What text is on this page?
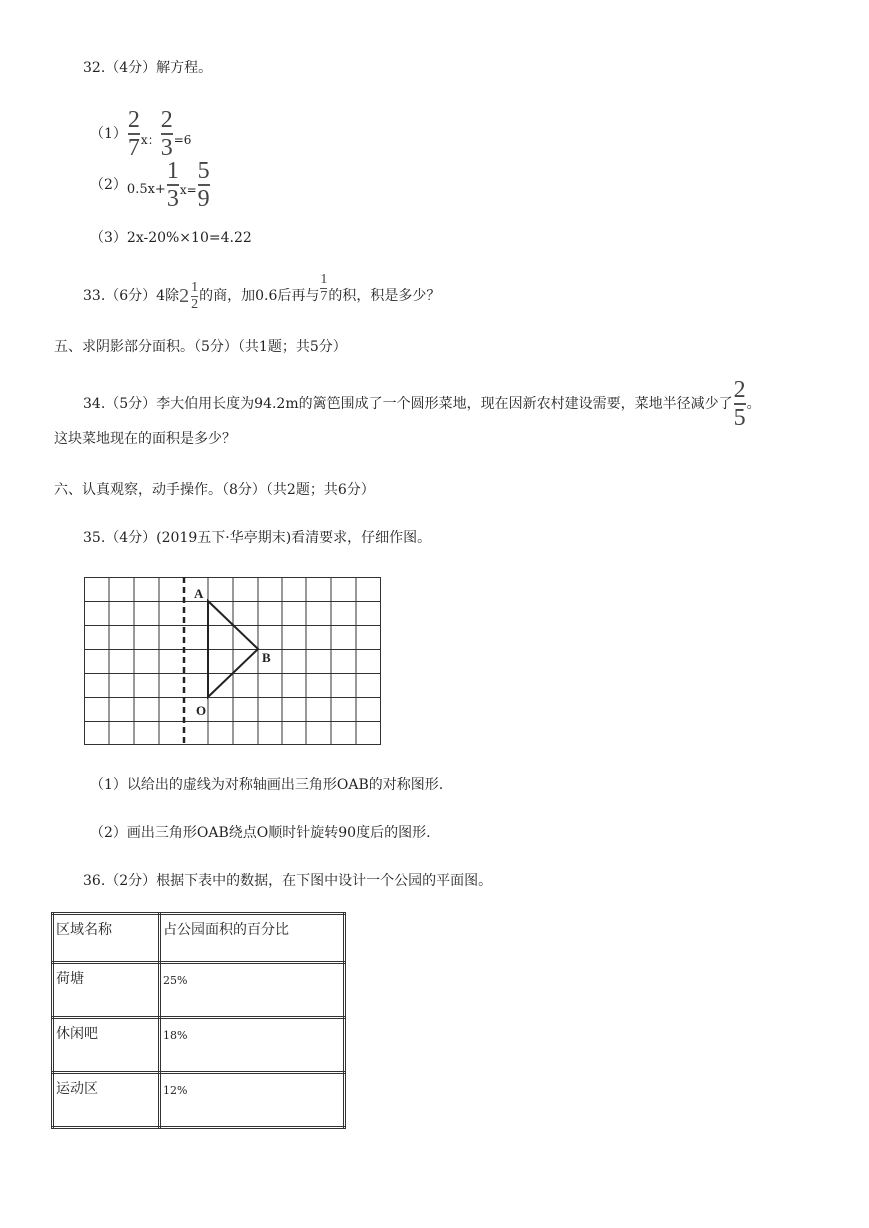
32.（4分）解方程。
$(1) \frac{2}{7}$ x： $\frac{2}{3} =6$
（2） $0.5x+ \frac{1}{3} x= \frac{5}{9}$
（3）2x-20%×10=4.22
33.（6分）4除 $2 \frac{1}{2}$ 的商，加0.6后再与 $\frac{1}{7}$ 的积，积是多少？
五、求阴影部分面积。（5分）（共1题；共5分）
34.（5分）李大伯用长度为94.2m的篱笆围成了一个圆形菜地，现在因新农村建设需要，菜地半径减少了 $\frac{2}{5}$ 。
这块菜地现在的面积是多少？
六、认真观察，动手操作。（8分）（共2题；共6分）
35.（4分）(2019五下·华亭期末)看清要求，仔细作图。
A
B
O
（1）以给出的虚线为对称轴画出三角形OAB的对称图形.
（2）画出三角形OAB绕点O顺时针旋转90度后的图形.
36.（2分）根据下表中的数据，在下图中设计一个公园的平面图。
区域名称	占公园面积的百分比
荷塘	25%
休闲吧	18%
运动区	12%
